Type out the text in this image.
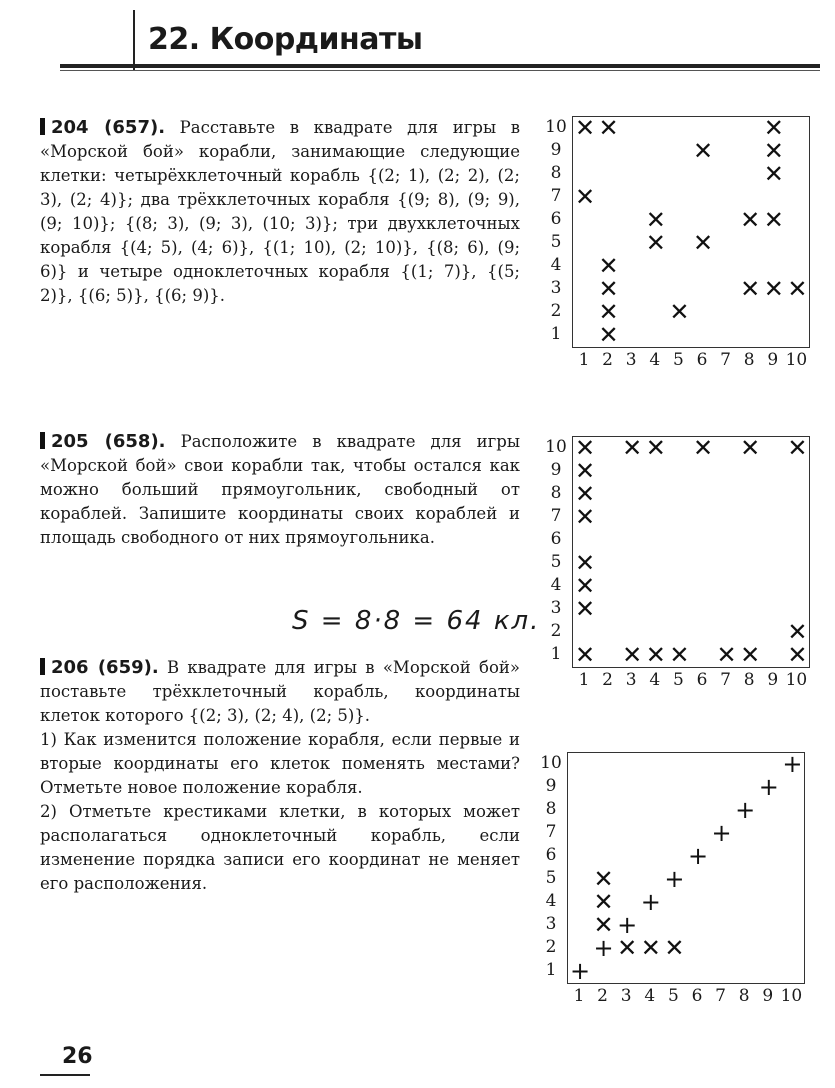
22. Координаты

204 (657). Расставьте в квадрате для игры в «Морской бой» корабли, занимающие следующие клетки: четырёхклеточный корабль {(2; 1), (2; 2), (2; 3), (2; 4)}; два трёхклеточных корабля {(9; 8), (9; 9), (9; 10)}; {(8; 3), (9; 3), (10; 3)}; три двухклеточных корабля {(4; 5), (4; 6)}, {(1; 10), (2; 10)}, {(8; 6), (9; 6)} и четыре одноклеточных корабля {(1; 7)}, {(5; 2)}, {(6; 5)}, {(6; 9)}.

205 (658). Расположите в квадрате для игры «Морской бой» свои корабли так, чтобы остался как можно больший прямоугольник, свободный от кораблей. Запишите координаты своих кораблей и площадь свободного от них прямоугольника.

S = 8·8 = 64 кл.

206 (659). В квадрате для игры в «Морской бой» поставьте трёхклеточный корабль, координаты клеток которого {(2; 3), (2; 4), (2; 5)}.

1) Как изменится положение корабля, если первые и вторые координаты его клеток поменять местами? Отметьте новое положение корабля.

2) Отметьте крестиками клетки, в которых может располагаться одноклеточный корабль, если изменение порядка записи его координат не меняет его расположения.

✕ ✕	✕
✕
✕
✕
✕
✕	✕ ✕
✕ ✕
✕
✕	✕ ✕ ✕
✕ ✕
✕
✕ ✕ ✕ ✕ ✕ ✕
✕
✕
✕
✕
✕
✕
✕
✕ ✕ ✕ ✕ ✕ ✕ ✕
✕
✕
✕
✕ ✕ ✕
+
+
+
+
+
+
+
+
+
+
26
1
1
2
2
3
3
4
4
5
5
6
6
7
7
8
8
9
9
10
10
1
1
2
2
3
3
4
4
5
5
6
6
7
7
8
8
9
9
10
10
1
1
2
2
3
3
4
4
5
5
6
6
7
7
8
8
9
9
10
10
